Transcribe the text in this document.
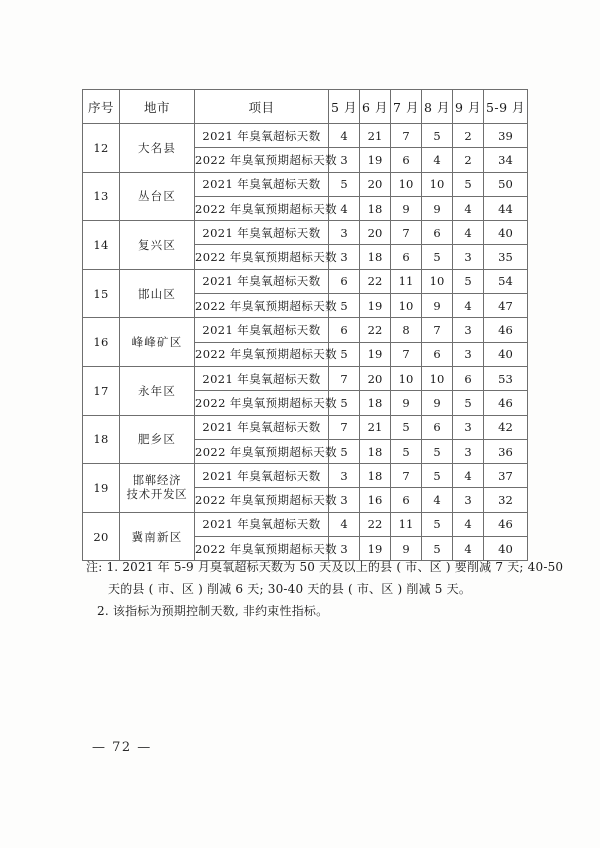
序号	地市	项目	5 月	6 月	7 月	8 月	9 月	5-9 月
12	大名县	2021 年臭氧超标天数	4	21	7	5	2	39
		2022 年臭氧预期超标天数	3	19	6	4	2	34
13	丛台区	2021 年臭氧超标天数	5	20	10	10	5	50
		2022 年臭氧预期超标天数	4	18	9	9	4	44
14	复兴区	2021 年臭氧超标天数	3	20	7	6	4	40
		2022 年臭氧预期超标天数	3	18	6	5	3	35
15	邯山区	2021 年臭氧超标天数	6	22	11	10	5	54
		2022 年臭氧预期超标天数	5	19	10	9	4	47
16	峰峰矿区	2021 年臭氧超标天数	6	22	8	7	3	46
		2022 年臭氧预期超标天数	5	19	7	6	3	40
17	永年区	2021 年臭氧超标天数	7	20	10	10	6	53
		2022 年臭氧预期超标天数	5	18	9	9	5	46
18	肥乡区	2021 年臭氧超标天数	7	21	5	6	3	42
		2022 年臭氧预期超标天数	5	18	5	5	3	36
19	邯郸经济
技术开发区	2021 年臭氧超标天数	3	18	7	5	4	37
		2022 年臭氧预期超标天数	3	16	6	4	3	32
20	冀南新区	2021 年臭氧超标天数	4	22	11	5	4	46
		2022 年臭氧预期超标天数	3	19	9	5	4	40
注: 1. 2021 年 5-9 月臭氧超标天数为 50 天及以上的县 ( 市、区 ) 要削减 7 天; 40-50
天的县 ( 市、区 ) 削减 6 天; 30-40 天的县 ( 市、区 ) 削减 5 天。
2. 该指标为预期控制天数, 非约束性指标。
— 72 —
